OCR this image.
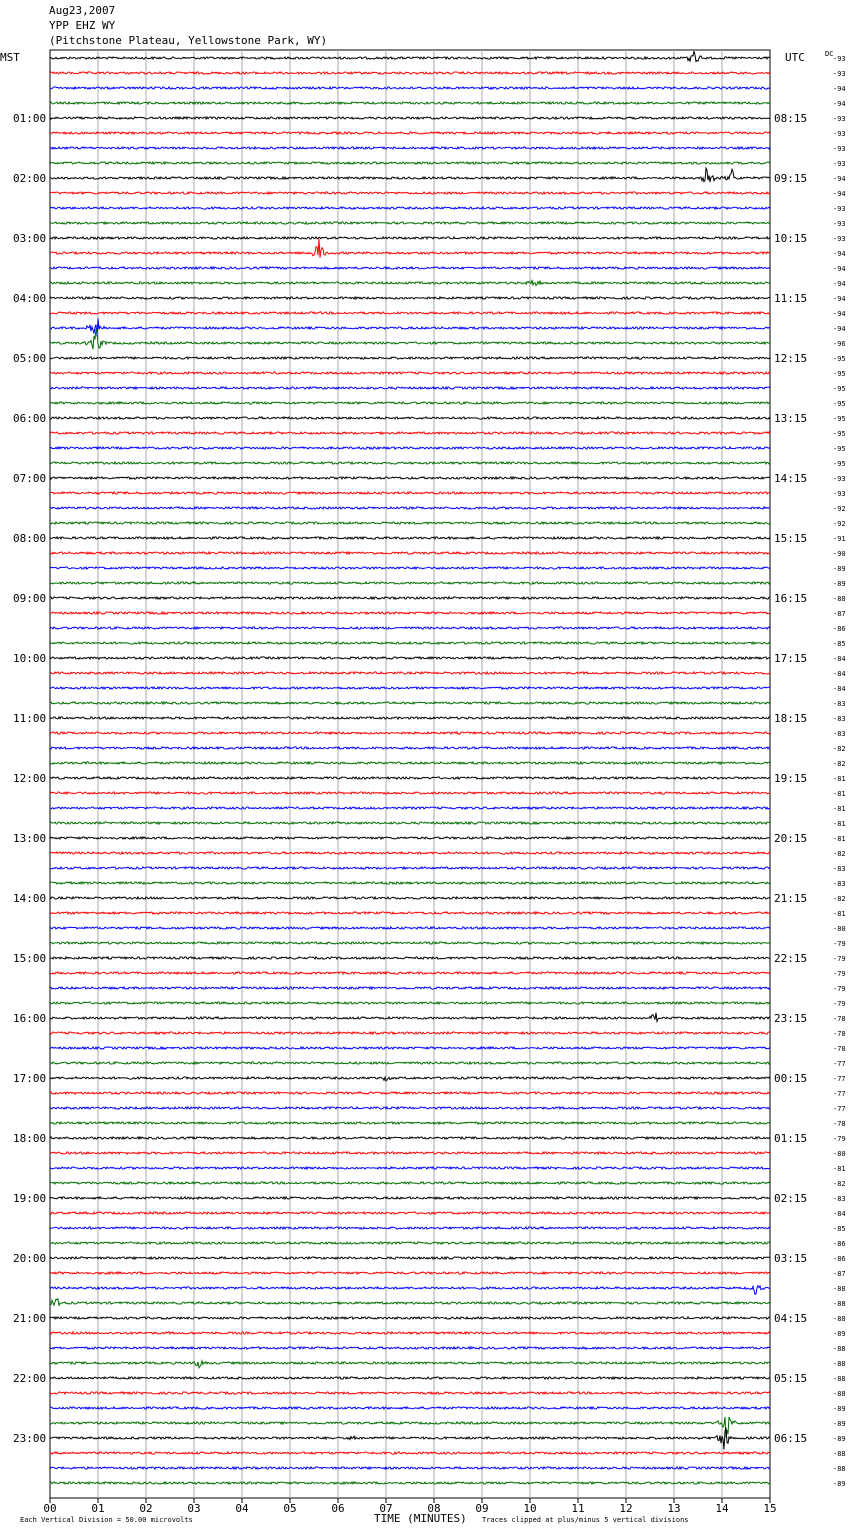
Aug23,2007
YPP EHZ WY
(Pitchstone Plateau, Yellowstone Park, WY)
01:00
02:00
03:00
04:00
05:00
06:00
07:00
08:00
09:00
10:00
11:00
12:00
13:00
14:00
15:00
16:00
17:00
18:00
19:00
20:00
21:00
22:00
23:00
08:15
09:15
10:15
11:15
12:15
13:15
14:15
15:15
16:15
17:15
18:15
19:15
20:15
21:15
22:15
23:15
00:15
01:15
02:15
03:15
04:15
05:15
06:15
-93
-93
-94
-94
-93
-93
-93
-93
-94
-94
-93
-93
-93
-94
-94
-94
-94
-94
-94
-96
-95
-95
-95
-95
-95
-95
-95
-95
-93
-93
-92
-92
-91
-90
-89
-89
-88
-87
-86
-85
-84
-84
-84
-83
-83
-83
-82
-82
-81
-81
-81
-81
-81
-82
-83
-83
-82
-81
-80
-79
-79
-79
-79
-79
-78
-78
-78
-77
-77
-77
-77
-78
-79
-80
-81
-82
-83
-84
-85
-86
-86
-87
-88
-88
-88
-89
-88
-88
-88
-88
-89
-89
-89
-88
-88
-89
00	01	02	03	04	05	06	07	08	09	10	11	12	13	14	15
MST	UTC	DC
TIME (MINUTES)
Each Vertical Division = 50.00 microvolts	Traces clipped at plus/minus 5 vertical divisions
